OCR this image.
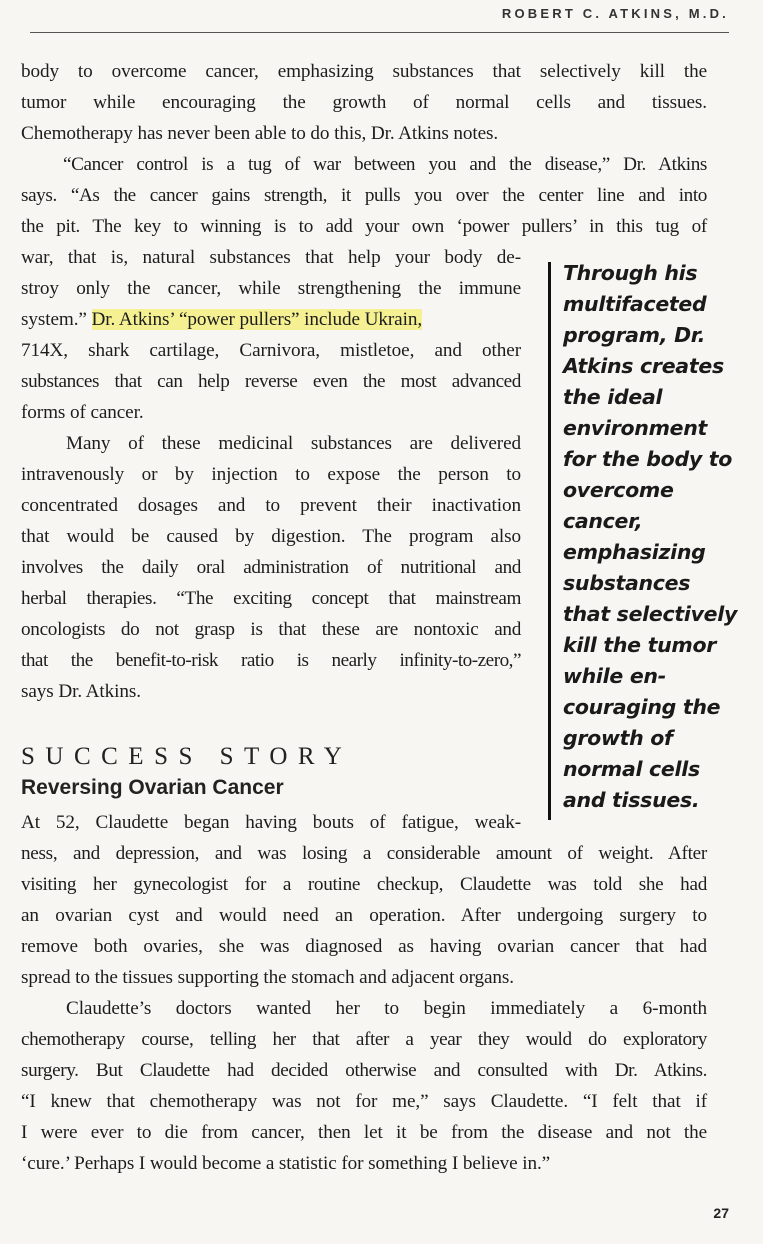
ROBERT C. ATKINS, M.D.
body to overcome cancer, emphasizing substances that selectively kill the
tumor while encouraging the growth of normal cells and tissues.
Chemotherapy has never been able to do this, Dr. Atkins notes.
“Cancer control is a tug of war between you and the disease,” Dr. Atkins
says. “As the cancer gains strength, it pulls you over the center line and into
the pit. The key to winning is to add your own ‘power pullers’ in this tug of
war, that is, natural substances that help your body de-
stroy only the cancer, while strengthening the immune
system.” Dr. Atkins’ “power pullers” include Ukrain,
714X, shark cartilage, Carnivora, mistletoe, and other
substances that can help reverse even the most advanced
forms of cancer.
Many of these medicinal substances are delivered
intravenously or by injection to expose the person to
concentrated dosages and to prevent their inactivation
that would be caused by digestion. The program also
involves the daily oral administration of nutritional and
herbal therapies. “The exciting concept that mainstream
oncologists do not grasp is that these are nontoxic and
that the benefit-to-risk ratio is nearly infinity-to-zero,”
says Dr. Atkins.
SUCCESS STORY
Reversing Ovarian Cancer
At 52, Claudette began having bouts of fatigue, weak-
ness, and depression, and was losing a considerable amount of weight. After
visiting her gynecologist for a routine checkup, Claudette was told she had
an ovarian cyst and would need an operation. After undergoing surgery to
remove both ovaries, she was diagnosed as having ovarian cancer that had
spread to the tissues supporting the stomach and adjacent organs.
Claudette’s doctors wanted her to begin immediately a 6-month
chemotherapy course, telling her that after a year they would do exploratory
surgery. But Claudette had decided otherwise and consulted with Dr. Atkins.
“I knew that chemotherapy was not for me,” says Claudette. “I felt that if
I were ever to die from cancer, then let it be from the disease and not the
‘cure.’ Perhaps I would become a statistic for something I believe in.”
Through his
multifaceted
program, Dr.
Atkins creates
the ideal
environment
for the body to
overcome
cancer,
emphasizing
substances
that selectively
kill the tumor
while en-
couraging the
growth of
normal cells
and tissues.
27
